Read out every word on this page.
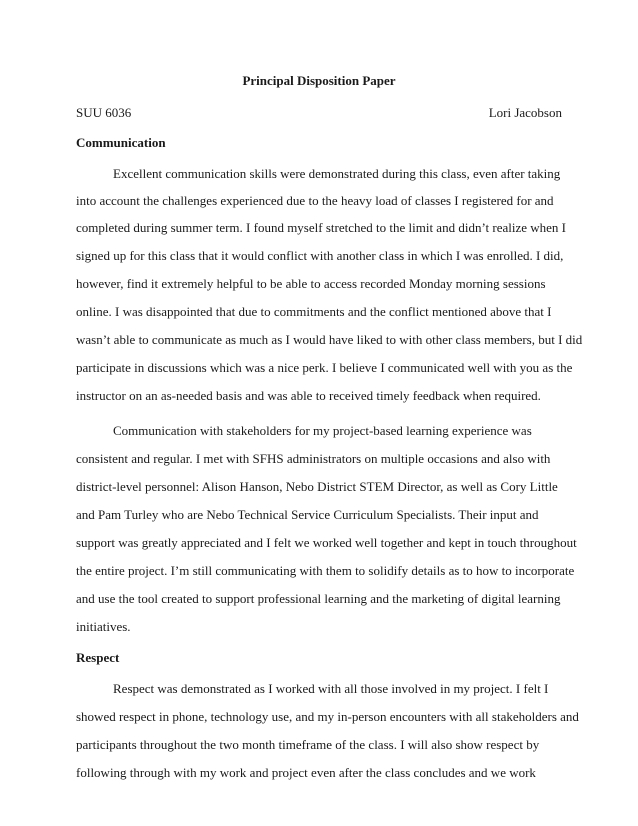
Principal Disposition Paper
SUU 6036	Lori Jacobson
Communication
Excellent communication skills were demonstrated during this class, even after taking
into account the challenges experienced due to the heavy load of classes I registered for and
completed during summer term. I found myself stretched to the limit and didn’t realize when I
signed up for this class that it would conflict with another class in which I was enrolled. I did,
however, find it extremely helpful to be able to access recorded Monday morning sessions
online. I was disappointed that due to commitments and the conflict mentioned above that I
wasn’t able to communicate as much as I would have liked to with other class members, but I did
participate in discussions which was a nice perk. I believe I communicated well with you as the
instructor on an as-needed basis and was able to received timely feedback when required.
Communication with stakeholders for my project-based learning experience was
consistent and regular. I met with SFHS administrators on multiple occasions and also with
district-level personnel: Alison Hanson, Nebo District STEM Director, as well as Cory Little
and Pam Turley who are Nebo Technical Service Curriculum Specialists. Their input and
support was greatly appreciated and I felt we worked well together and kept in touch throughout
the entire project. I’m still communicating with them to solidify details as to how to incorporate
and use the tool created to support professional learning and the marketing of digital learning
initiatives.
Respect
Respect was demonstrated as I worked with all those involved in my project. I felt I
showed respect in phone, technology use, and my in-person encounters with all stakeholders and
participants throughout the two month timeframe of the class. I will also show respect by
following through with my work and project even after the class concludes and we work
